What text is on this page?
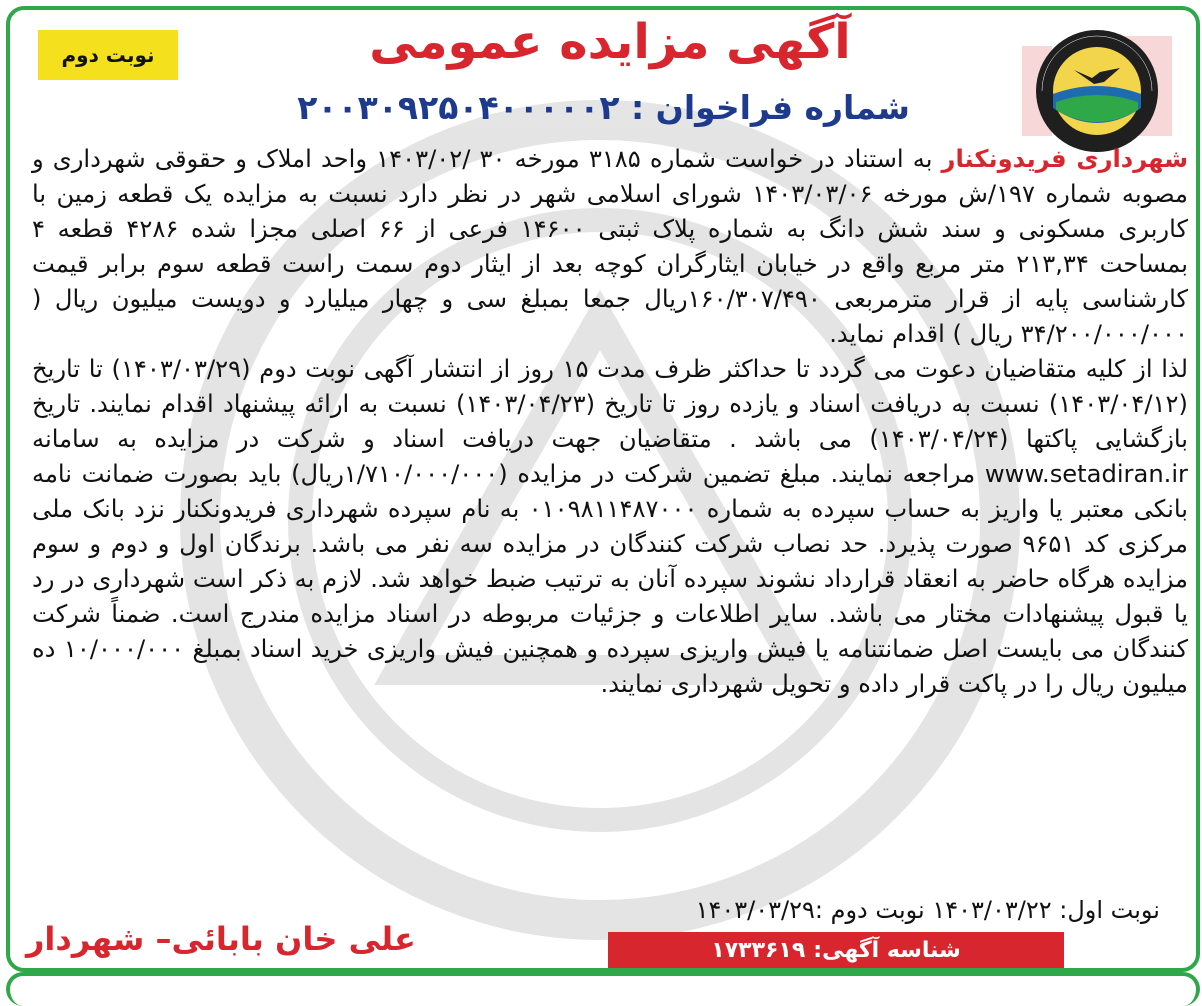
نوبت دوم	آگهی مزایده عمومی
شماره فراخوان : ۲۰۰۳۰۹۲۵۰۴۰۰۰۰۰۲
شهرداری فریدونکنار به استناد در خواست شماره ۳۱۸۵ مورخه ۳۰ /۱۴۰۳/۰۲ واحد املاک و حقوقی شهرداری و مصوبه شماره ۱۹۷/ش مورخه ۱۴۰۳/۰۳/۰۶ شورای اسلامی شهر در نظر دارد نسبت به مزایده یک قطعه زمین با کاربری مسکونی و سند شش دانگ به شماره پلاک ثبتی ۱۴۶۰۰ فرعی از ۶۶ اصلی مجزا شده ۴۲۸۶ قطعه ۴ بمساحت ۲۱۳,۳۴ متر مربع واقع در خیابان ایثارگران کوچه بعد از ایثار دوم سمت راست قطعه سوم برابر قیمت کارشناسی پایه از قرار مترمربعی ۱۶۰/۳۰۷/۴۹۰ریال جمعا بمبلغ سی و چهار میلیارد و دویست میلیون ریال ( ۳۴/۲۰۰/۰۰۰/۰۰۰ ریال ) اقدام نماید.
لذا از کلیه متقاضیان دعوت می گردد تا حداکثر ظرف مدت ۱۵ روز از انتشار آگهی نوبت دوم (۱۴۰۳/۰۳/۲۹) تا تاریخ (۱۴۰۳/۰۴/۱۲) نسبت به دریافت اسناد و یازده روز تا تاریخ (۱۴۰۳/۰۴/۲۳) نسبت به ارائه پیشنهاد اقدام نمایند. تاریخ بازگشایی پاکتها (۱۴۰۳/۰۴/۲۴) می باشد . متقاضیان جهت دریافت اسناد و شرکت در مزایده به سامانه www.setadiran.ir مراجعه نمایند. مبلغ تضمین شرکت در مزایده (۱/۷۱۰/۰۰۰/۰۰۰ریال) باید بصورت ضمانت نامه بانکی معتبر یا واریز به حساب سپرده به شماره ۰۱۰۹۸۱۱۴۸۷۰۰۰ به نام سپرده شهرداری فریدونکنار نزد بانک ملی مرکزی کد ۹۶۵۱ صورت پذیرد. حد نصاب شرکت کنندگان در مزایده سه نفر می باشد. برندگان اول و دوم و سوم مزایده هرگاه حاضر به انعقاد قرارداد نشوند سپرده آنان به ترتیب ضبط خواهد شد. لازم به ذکر است شهرداری در رد یا قبول پیشنهادات مختار می باشد. سایر اطلاعات و جزئیات مربوطه در اسناد مزایده مندرج است. ضمناً شرکت کنندگان می بایست اصل ضمانتنامه یا فیش واریزی سپرده و همچنین فیش واریزی خرید اسناد بمبلغ ۱۰/۰۰۰/۰۰۰ ده میلیون ریال را در پاکت قرار داده و تحویل شهرداری نمایند.
نوبت اول: ۱۴۰۳/۰۳/۲۲ نوبت دوم :۱۴۰۳/۰۳/۲۹
علی خان بابائی– شهردار	شناسه آگهی:
۱۷۳۳۶۱۹
